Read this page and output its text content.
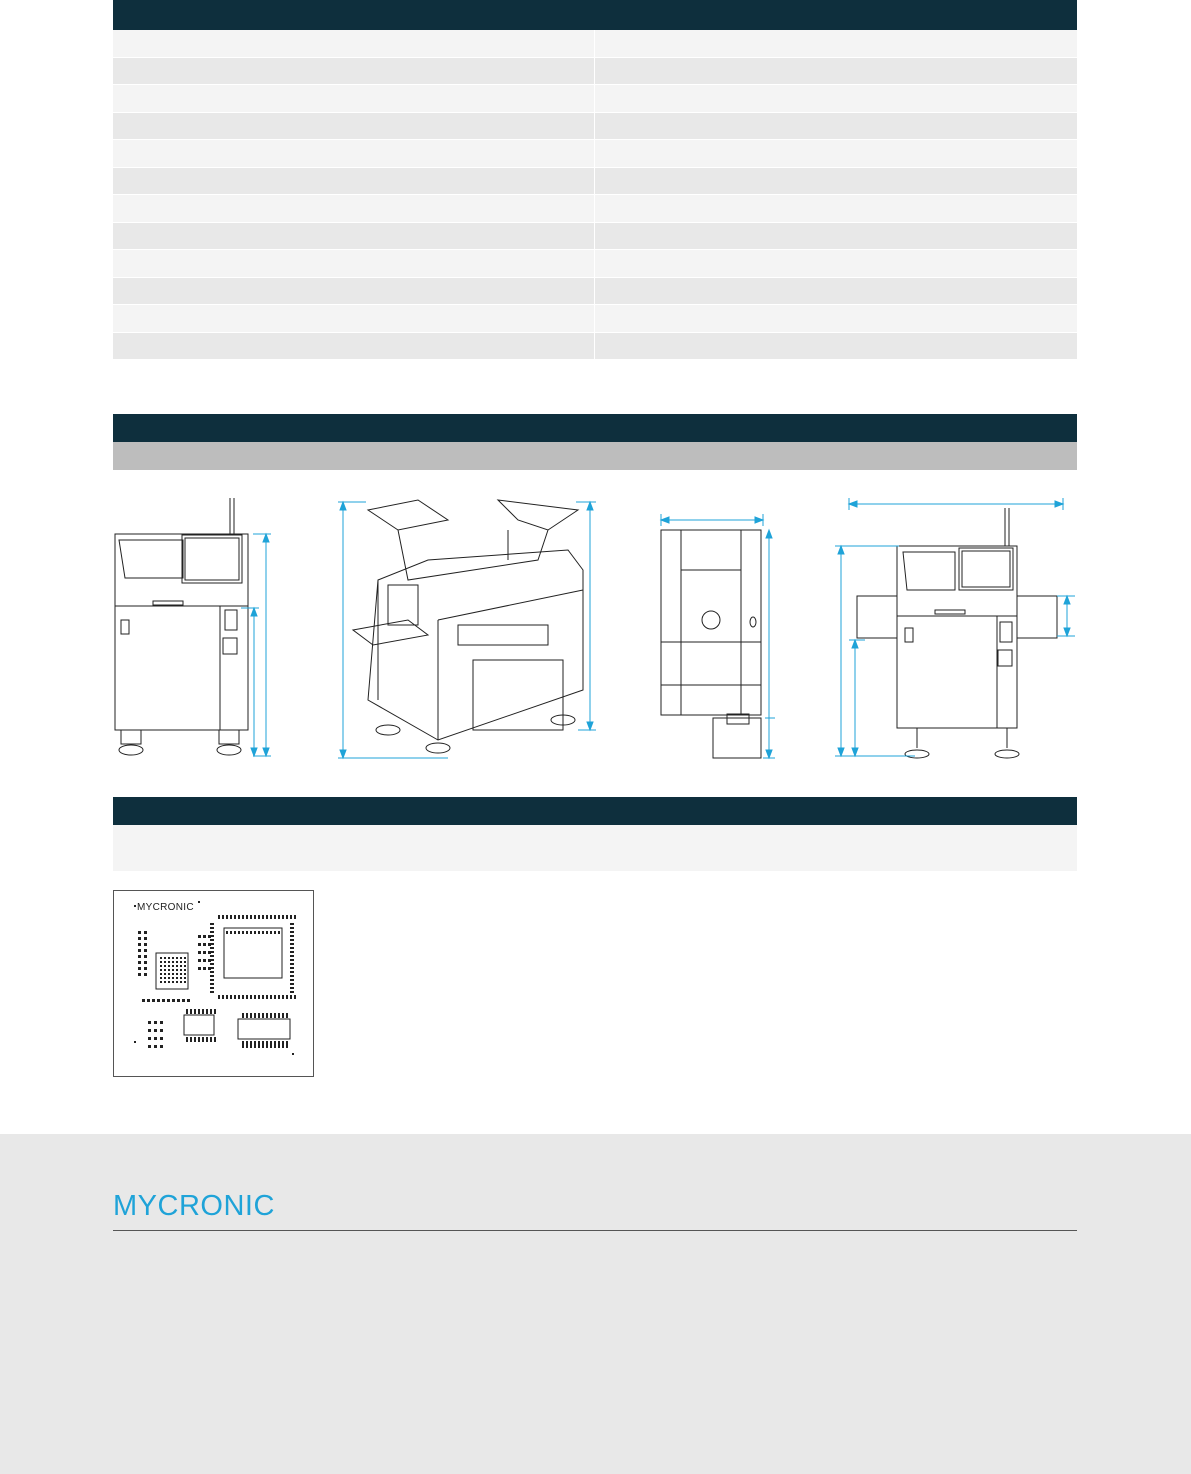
MYCRONIC
MYCRONIC
